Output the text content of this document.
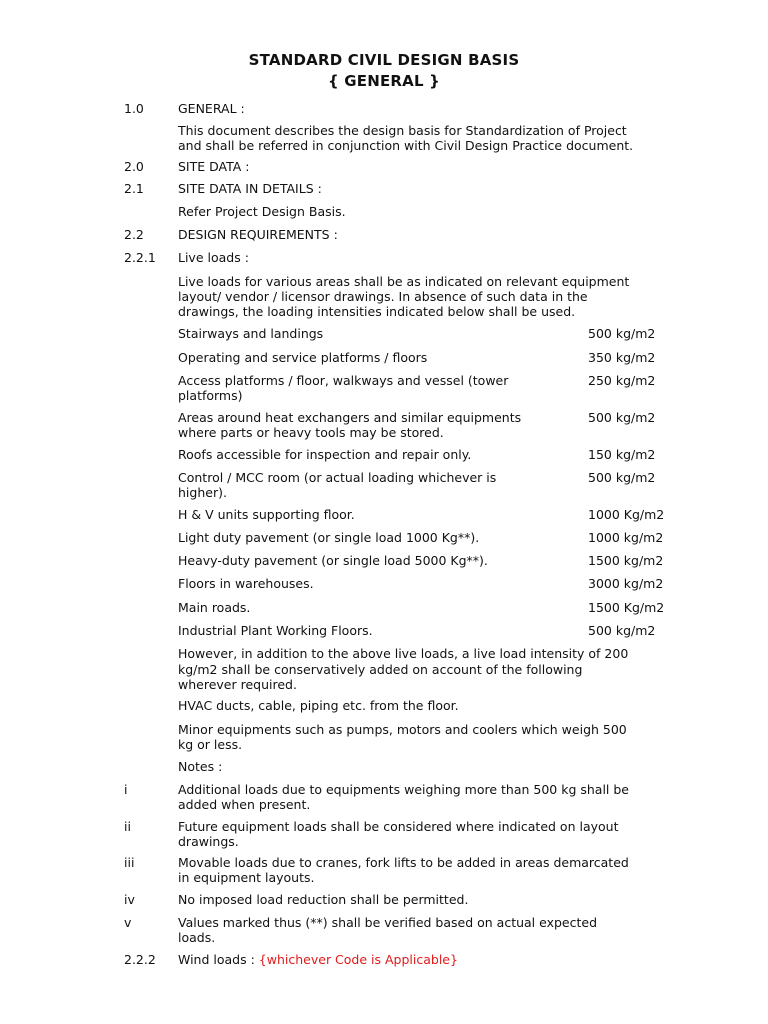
STANDARD CIVIL DESIGN BASIS
{ GENERAL }
1.0	GENERAL :
This document describes the design basis for Standardization of Project
and shall be referred in conjunction with Civil Design Practice document.
2.0	SITE DATA :
2.1	SITE DATA IN DETAILS :
Refer Project Design Basis.
2.2	DESIGN REQUIREMENTS :
2.2.1 Live loads :
Live loads for various areas shall be as indicated on relevant equipment
layout/ vendor / licensor drawings. In absence of such data in the
drawings, the loading intensities indicated below shall be used.
Stairways and landings	500 kg/m2
Operating and service platforms / floors	350 kg/m2
Access platforms / floor, walkways and vessel (tower
platforms)
250 kg/m2
Areas around heat exchangers and similar equipments
where parts or heavy tools may be stored.
500 kg/m2
Roofs accessible for inspection and repair only.	150 kg/m2
Control / MCC room (or actual loading whichever is
higher).
500 kg/m2
H & V units supporting floor.	1000 Kg/m2
Light duty pavement (or single load 1000 Kg**).	1000 kg/m2
Heavy-duty pavement (or single load 5000 Kg**).	1500 kg/m2
Floors in warehouses.	3000 kg/m2
Main roads.	1500 Kg/m2
Industrial Plant Working Floors.	500 kg/m2
However, in addition to the above live loads, a live load intensity of 200
kg/m2 shall be conservatively added on account of the following
wherever required.
HVAC ducts, cable, piping etc. from the floor.
Minor equipments such as pumps, motors and coolers which weigh 500
kg or less.
Notes :
i	Additional loads due to equipments weighing more than 500 kg shall be
added when present.
ii	Future equipment loads shall be considered where indicated on layout
drawings.
iii	Movable loads due to cranes, fork lifts to be added in areas demarcated
in equipment layouts.
iv	No imposed load reduction shall be permitted.
v	Values marked thus (**) shall be verified based on actual expected
loads.
2.2.2 Wind loads : {whichever Code is Applicable}
